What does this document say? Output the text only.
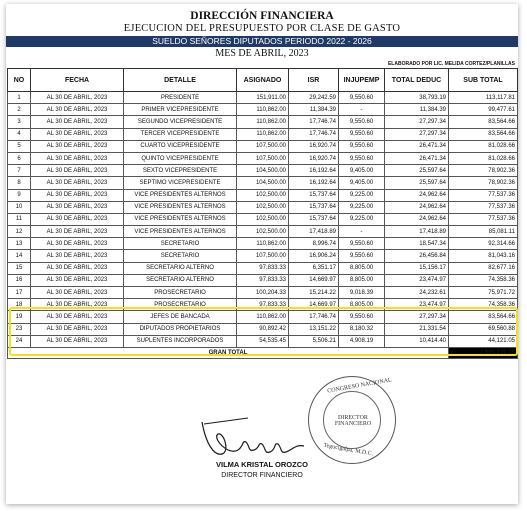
DIRECCIÓN FINANCIERA
EJECUCION DEL PRESUPUESTO POR CLASE DE GASTO
SUELDO SEÑORES DIPUTADOS PERIODO 2022 - 2026
MES DE ABRIL, 2023
ELABORADO POR LIC. MELIDA CORTEZ/PLANILLAS
NO	FECHA	DETALLE	ASIGNADO	ISR	INJUPEMP	TOTAL DEDUC	SUB TOTAL
1	AL 30 DE ABRIL, 2023	PRESIDENTE	151,911.00	29,242.59	9,550.60	38,793.19	113,117.81
2	AL 30 DE ABRIL, 2023	PRIMER VICEPRESIDENTE	110,862.00	11,384.39	-	11,384.39	99,477.61
3	AL 30 DE ABRIL, 2023	SEGUNDO VICEPRESIDENTE	110,862.00	17,746.74	9,550.60	27,297.34	83,564.66
4	AL 30 DE ABRIL, 2023	TERCER VICEPRESIDENTE	110,862.00	17,746.74	9,550.60	27,297.34	83,564.66
5	AL 30 DE ABRIL, 2023	CUARTO VICEPRESIDENTE	107,500.00	16,920.74	9,550.60	26,471.34	81,028.66
6	AL 30 DE ABRIL, 2023	QUINTO VICEPRESIDENTE	107,500.00	16,920.74	9,550.60	26,471.34	81,028.66
7	AL 30 DE ABRIL, 2023	SEXTO VICEPRESIDENTE	104,500.00	16,192.64	9,405.00	25,597.64	78,902.36
8	AL 30 DE ABRIL, 2023	SEPTIMO VICEPRESIDENTE	104,500.00	16,192.64	9,405.00	25,597.64	78,902.36
9	AL 30 DE ABRIL, 2023	VICE PRESIDENTES ALTERNOS	102,500.00	15,737.64	9,225.00	24,962.64	77,537.36
10	AL 30 DE ABRIL, 2023	VICE PRESIDENTES ALTERNOS	102,500.00	15,737.64	9,225.00	24,962.64	77,537.36
11	AL 30 DE ABRIL, 2023	VICE PRESIDENTES ALTERNOS	102,500.00	15,737.64	9,225.00	24,962.64	77,537.36
12	AL 30 DE ABRIL, 2023	VICE PRESIDENTES ALTERNOS	102,500.00	17,418.89	-	17,418.89	85,081.11
13	AL 30 DE ABRIL, 2023	SECRETARIO	110,862.00	8,996.74	9,550.60	18,547.34	92,314.66
14	AL 30 DE ABRIL, 2023	SECRETARIO	107,500.00	16,906.24	9,550.60	26,456.84	81,043.16
15	AL 30 DE ABRIL, 2023	SECRETARIO ALTERNO	97,833.33	6,351.17	8,805.00	15,156.17	82,677.16
16	AL 30 DE ABRIL, 2023	SECRETARIO ALTERNO	97,833.33	14,669.97	8,805.00	23,474.97	74,358.36
17	AL 30 DE ABRIL, 2023	PROSECRETARIO	100,204.33	15,214.22	9,018.39	24,232.61	75,971.72
18	AL 30 DE ABRIL, 2023	PROSECRETARIO	97,833.33	14,669.97	8,805.00	23,474.97	74,358.36
19	AL 30 DE ABRIL, 2023	JEFES DE BANCADA	110,862.00	17,746.74	9,550.60	27,297.34	83,564.66
23	AL 30 DE ABRIL, 2023	DIPUTADOS PROPIETARIOS	90,892.42	13,151.22	8,180.32	21,331.54	69,560.88
24	AL 30 DE ABRIL, 2023	SUPLENTES INCORPORADOS	54,535.45	5,506.21	4,908.19	10,414.40	44,121.05
GRAN TOTAL							L 1,695,249.98
CONGRESO NACIONAL
DIRECTOR FINANCIERO
Tegucigalpa, M.D.C.
VILMA KRISTAL OROZCO
DIRECTOR FINANCIERO
